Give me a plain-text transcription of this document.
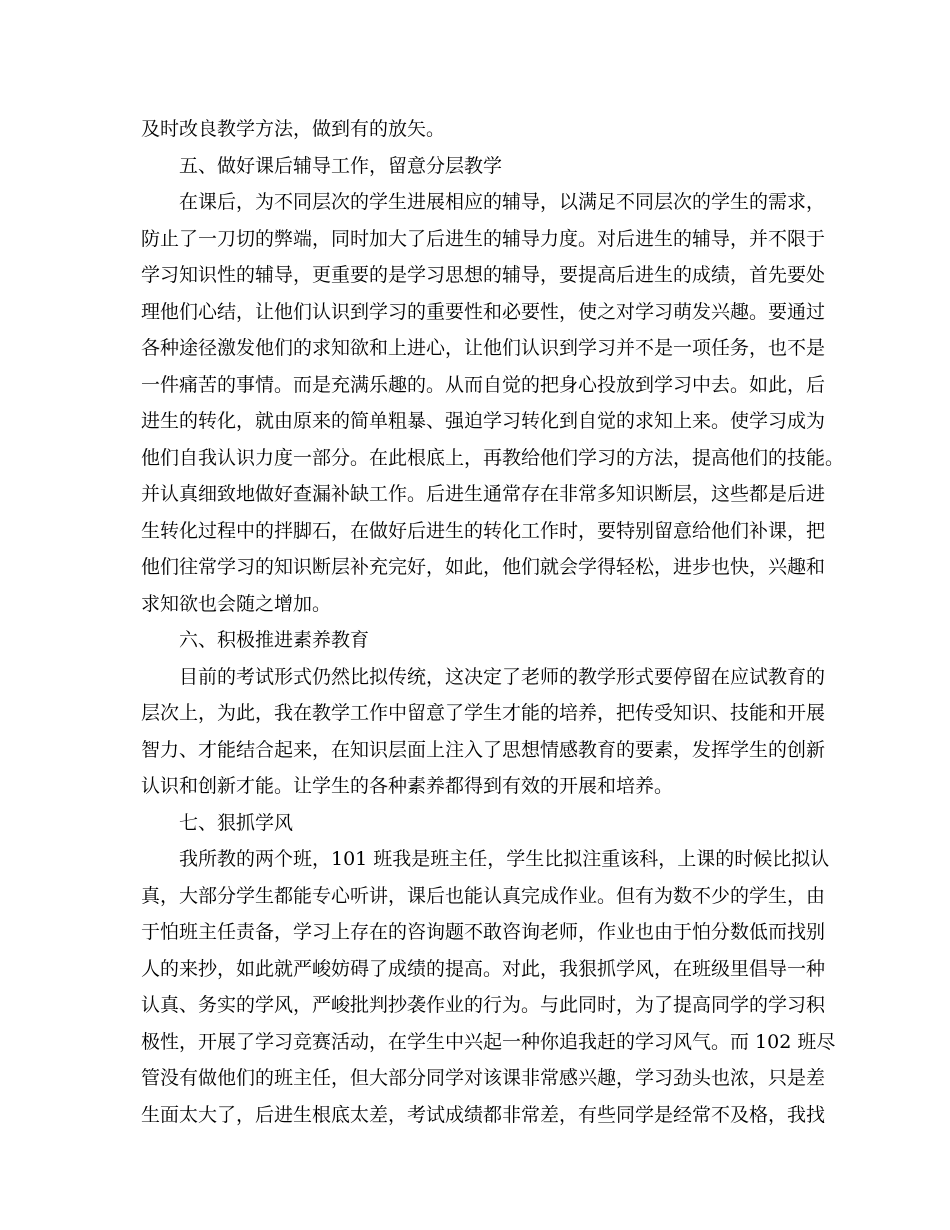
及时改良教学方法，做到有的放矢。
五、做好课后辅导工作，留意分层教学
在课后，为不同层次的学生进展相应的辅导，以满足不同层次的学生的需求，
防止了一刀切的弊端，同时加大了后进生的辅导力度。对后进生的辅导，并不限于
学习知识性的辅导，更重要的是学习思想的辅导，要提高后进生的成绩，首先要处
理他们心结，让他们认识到学习的重要性和必要性，使之对学习萌发兴趣。要通过
各种途径激发他们的求知欲和上进心，让他们认识到学习并不是一项任务，也不是
一件痛苦的事情。而是充满乐趣的。从而自觉的把身心投放到学习中去。如此，后
进生的转化，就由原来的简单粗暴、强迫学习转化到自觉的求知上来。使学习成为
他们自我认识力度一部分。在此根底上，再教给他们学习的方法，提高他们的技能。
并认真细致地做好查漏补缺工作。后进生通常存在非常多知识断层，这些都是后进
生转化过程中的拌脚石，在做好后进生的转化工作时，要特别留意给他们补课，把
他们往常学习的知识断层补充完好，如此，他们就会学得轻松，进步也快，兴趣和
求知欲也会随之增加。
六、积极推进素养教育
目前的考试形式仍然比拟传统，这决定了老师的教学形式要停留在应试教育的
层次上，为此，我在教学工作中留意了学生才能的培养，把传受知识、技能和开展
智力、才能结合起来，在知识层面上注入了思想情感教育的要素，发挥学生的创新
认识和创新才能。让学生的各种素养都得到有效的开展和培养。
七、狠抓学风
我所教的两个班，101 班我是班主任，学生比拟注重该科，上课的时候比拟认
真，大部分学生都能专心听讲，课后也能认真完成作业。但有为数不少的学生，由
于怕班主任责备，学习上存在的咨询题不敢咨询老师，作业也由于怕分数低而找别
人的来抄，如此就严峻妨碍了成绩的提高。对此，我狠抓学风，在班级里倡导一种
认真、务实的学风，严峻批判抄袭作业的行为。与此同时，为了提高同学的学习积
极性，开展了学习竞赛活动，在学生中兴起一种你追我赶的学习风气。而 102 班尽
管没有做他们的班主任，但大部分同学对该课非常感兴趣，学习劲头也浓，只是差
生面太大了，后进生根底太差，考试成绩都非常差，有些同学是经常不及格，我找
